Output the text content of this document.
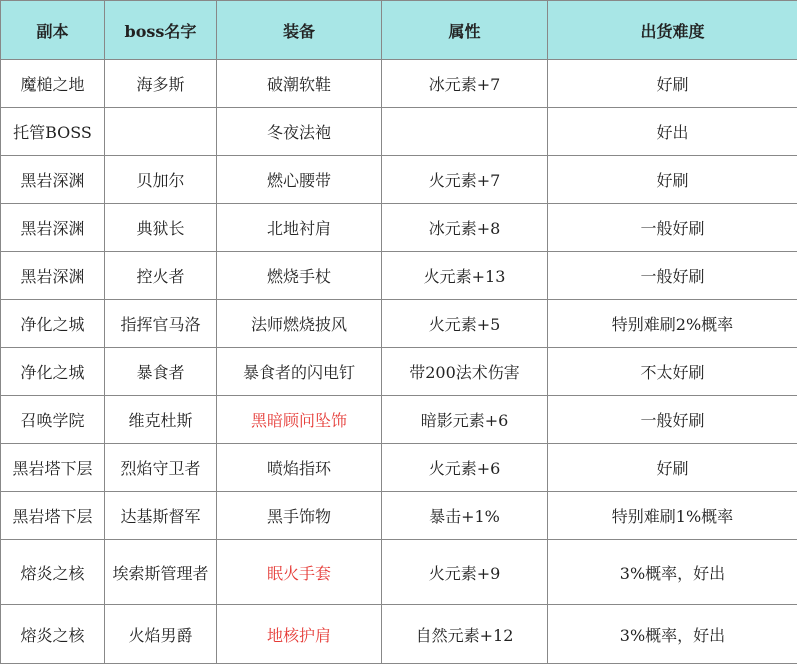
副本	boss名字	装备	属性	出货难度
魔槌之地	海多斯	破潮软鞋	冰元素+7	好刷
托管BOSS		冬夜法袍		好出
黑岩深渊	贝加尔	燃心腰带	火元素+7	好刷
黑岩深渊	典狱长	北地衬肩	冰元素+8	一般好刷
黑岩深渊	控火者	燃烧手杖	火元素+13	一般好刷
净化之城	指挥官马洛	法师燃烧披风	火元素+5	特别难刷2%概率
净化之城	暴食者	暴食者的闪电钉	带200法术伤害	不太好刷
召唤学院	维克杜斯	黑暗顾问坠饰	暗影元素+6	一般好刷
黑岩塔下层	烈焰守卫者	喷焰指环	火元素+6	好刷
黑岩塔下层	达基斯督军	黑手饰物	暴击+1%	特别难刷1%概率
熔炎之核	埃索斯管理者	眠火手套	火元素+9	3%概率，好出
熔炎之核	火焰男爵	地核护肩	自然元素+12	3%概率，好出
